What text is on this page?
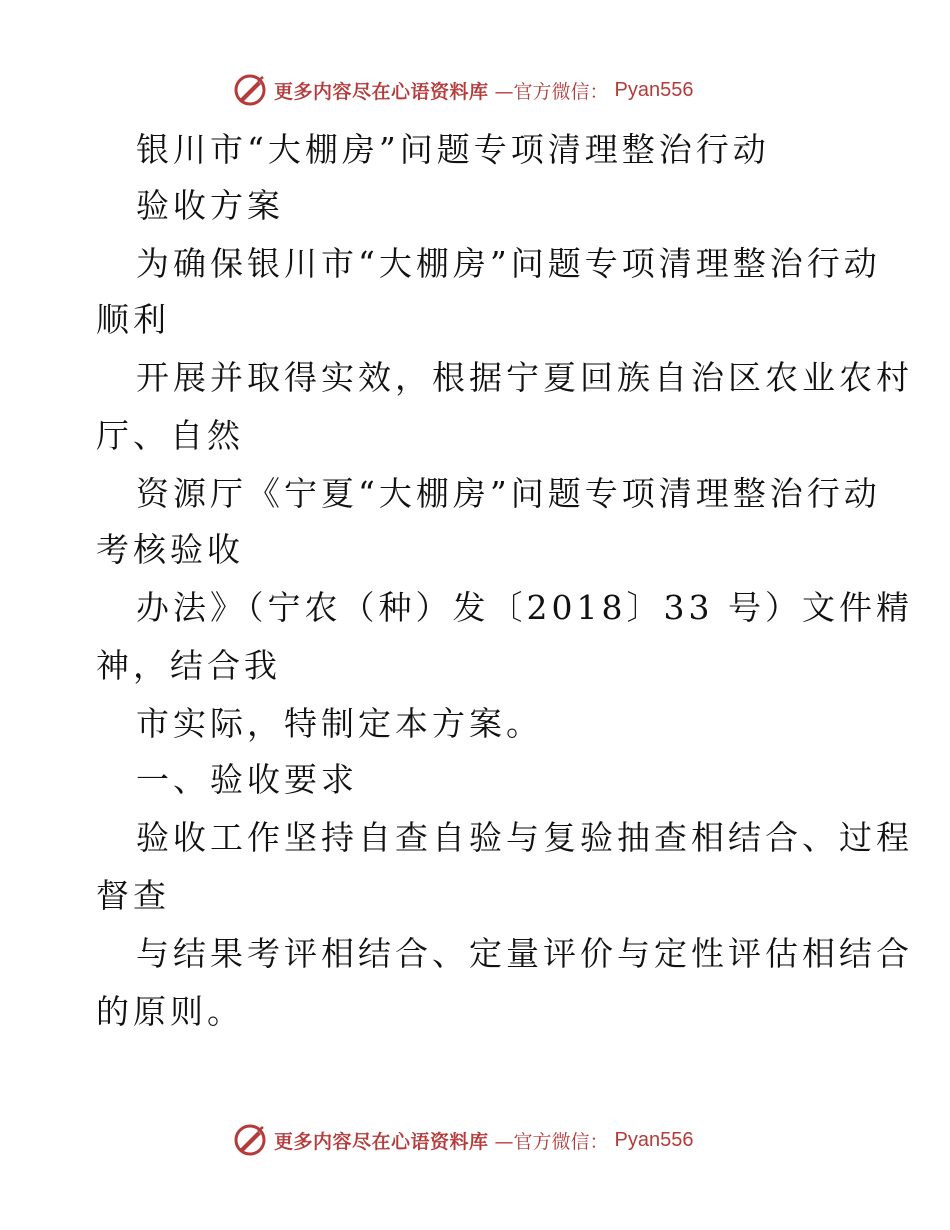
更多内容尽在心语资料库 —官方微信： Pyan556
银川市“大棚房”问题专项清理整治行动
验收方案
为确保银川市“大棚房”问题专项清理整治行动
顺利
开展并取得实效，根据宁夏回族自治区农业农村
厅、自然
资源厅《宁夏“大棚房”问题专项清理整治行动
考核验收
办法》（宁农（种）发〔2018〕33 号）文件精
神，结合我
市实际，特制定本方案。
一、验收要求
验收工作坚持自查自验与复验抽查相结合、过程
督查
与结果考评相结合、定量评价与定性评估相结合
的原则。
更多内容尽在心语资料库 —官方微信： Pyan556
